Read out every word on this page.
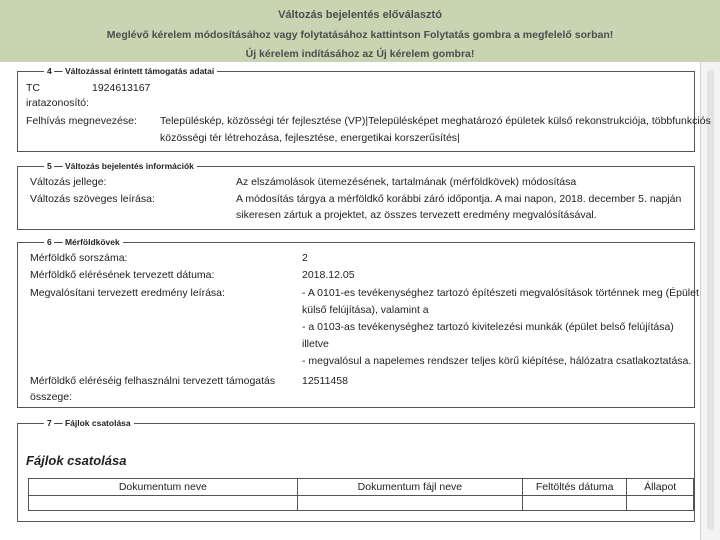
Változás bejelentés előválasztó
Meglévő kérelem módosításához vagy folytatásához kattintson Folytatás gombra a megfelelő sorban!
Új kérelem indításához az Új kérelem gombra!
4 — Változással érintett támogatás adatai
TC	1924613167
iratazonosító:
Felhívás megnevezése: Településkép, közösségi tér fejlesztése (VP)|Településképet meghatározó épületek külső rekonstrukciója, többfunkciós
közösségi tér létrehozása, fejlesztése, energetikai korszerűsítés|
5 — Változás bejelentés információk
Változás jellege:	Az elszámolások ütemezésének, tartalmának (mérföldkövek) módosítása
Változás szöveges leírása:	A módosítás tárgya a mérföldkő korábbi záró időpontja. A mai napon, 2018. december 5. napján
sikeresen zártuk a projektet, az összes tervezett eredmény megvalósításával.
6 — Mérföldkövek
Mérföldkő sorszáma:	2
Mérföldkő elérésének tervezett dátuma:	2018.12.05
Megvalósítani tervezett eredmény leírása:	- A 0101-es tevékenységhez tartozó építészeti megvalósítások történnek meg (Épület
külső felújítása), valamint a
- a 0103-as tevékenységhez tartozó kivitelezési munkák (épület belső felújítása)
illetve
- megvalósul a napelemes rendszer teljes körű kiépítése, hálózatra csatlakoztatása.
Mérföldkő eléréséig felhasználni tervezett támogatás
összege:
12511458
7 — Fájlok csatolása
Fájlok csatolása
Dokumentum neve	Dokumentum fájl neve	Feltöltés dátuma	Állapot
